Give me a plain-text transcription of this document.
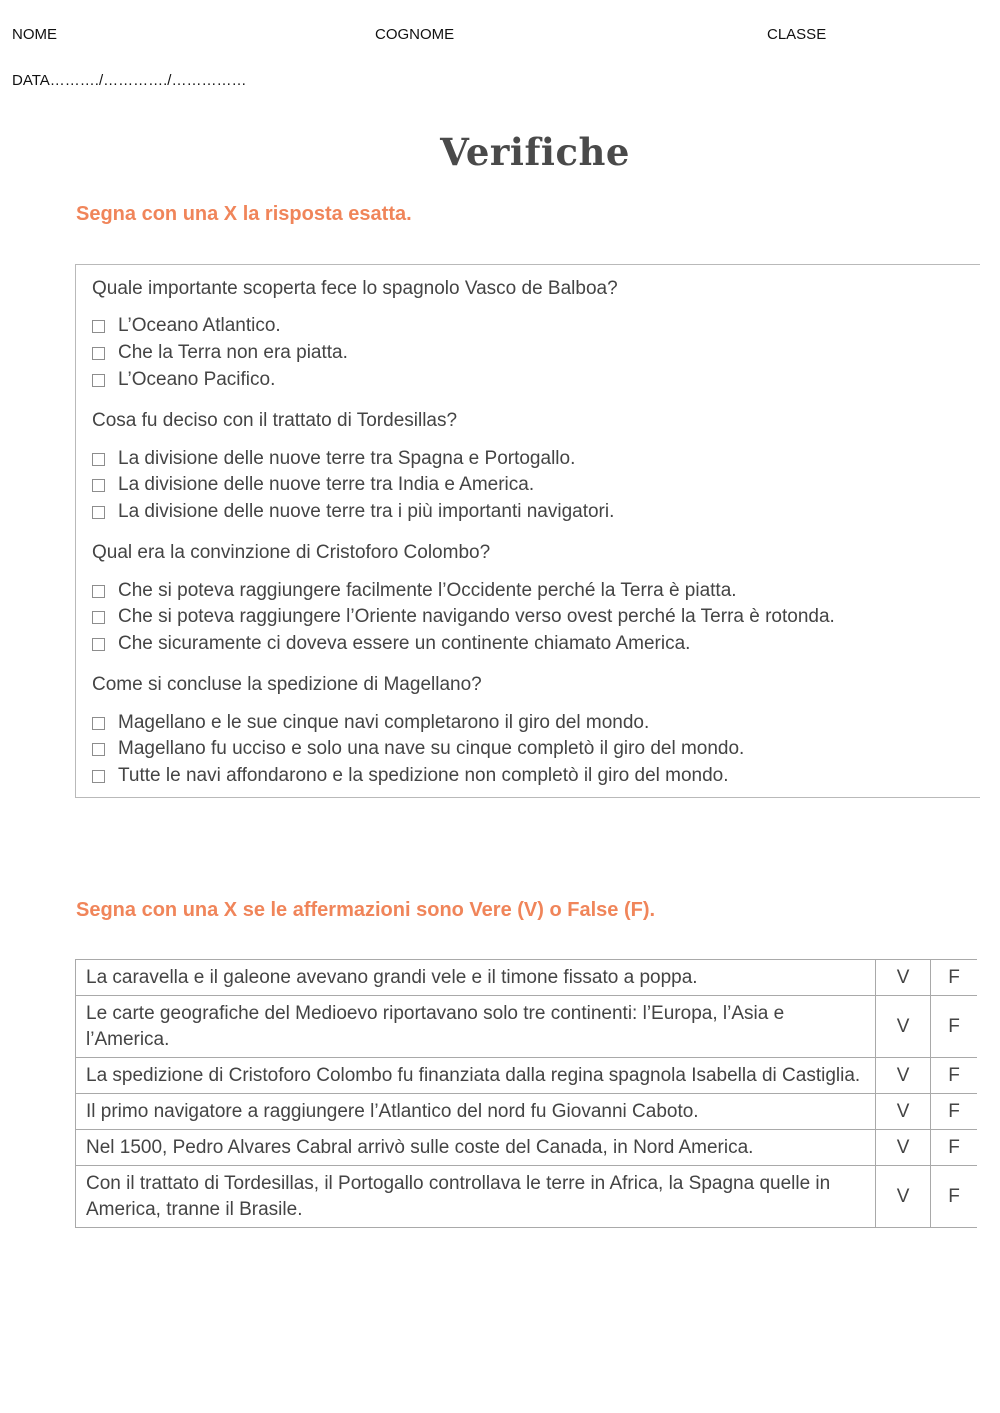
NOME	COGNOME	CLASSE
DATA………./…………./……………
Verifiche
Segna con una X la risposta esatta.
Quale importante scoperta fece lo spagnolo Vasco de Balboa?
L’Oceano Atlantico.
Che la Terra non era piatta.
L’Oceano Pacifico.
Cosa fu deciso con il trattato di Tordesillas?
La divisione delle nuove terre tra Spagna e Portogallo.
La divisione delle nuove terre tra India e America.
La divisione delle nuove terre tra i più importanti navigatori.
Qual era la convinzione di Cristoforo Colombo?
Che si poteva raggiungere facilmente l’Occidente perché la Terra è piatta.
Che si poteva raggiungere l’Oriente navigando verso ovest perché la Terra è rotonda.
Che sicuramente ci doveva essere un continente chiamato America.
Come si concluse la spedizione di Magellano?
Magellano e le sue cinque navi completarono il giro del mondo.
Magellano fu ucciso e solo una nave su cinque completò il giro del mondo.
Tutte le navi affondarono e la spedizione non completò il giro del mondo.
Segna con una X se le affermazioni sono Vere (V) o False (F).
La caravella e il galeone avevano grandi vele e il timone fissato a poppa.	V	F
Le carte geografiche del Medioevo riportavano solo tre continenti: l’Europa, l’Asia e l’America.	V	F
La spedizione di Cristoforo Colombo fu finanziata dalla regina spagnola Isabella di Castiglia.	V	F
Il primo navigatore a raggiungere l’Atlantico del nord fu Giovanni Caboto.	V	F
Nel 1500, Pedro Alvares Cabral arrivò sulle coste del Canada, in Nord America.	V	F
Con il trattato di Tordesillas, il Portogallo controllava le terre in Africa, la Spagna quelle in America, tranne il Brasile.	V	F
